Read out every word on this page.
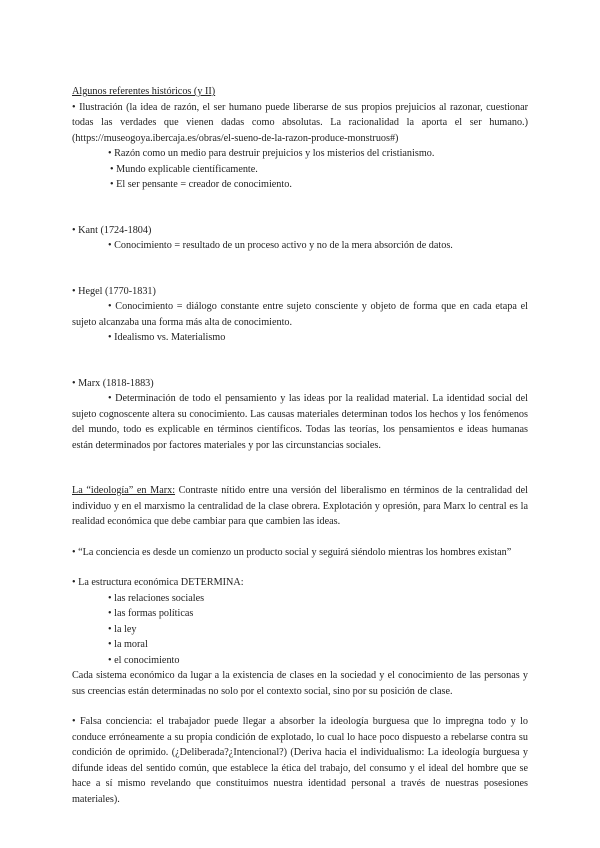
Algunos referentes históricos (y II)

• Ilustración (la idea de razón, el ser humano puede liberarse de sus propios prejuicios al razonar, cuestionar todas las verdades que vienen dadas como absolutas. La racionalidad la aporta el ser humano.) (https://museogoya.ibercaja.es/obras/el-sueno-de-la-razon-produce-monstruos#)

• Razón como un medio para destruir prejuicios y los misterios del cristianismo.

• Mundo explicable científicamente.

• El ser pensante = creador de conocimiento.

• Kant (1724-1804)

• Conocimiento = resultado de un proceso activo y no de la mera absorción de datos.

• Hegel (1770-1831)

• Conocimiento = diálogo constante entre sujeto consciente y objeto de forma que en cada etapa el sujeto alcanzaba una forma más alta de conocimiento.

• Idealismo vs. Materialismo

• Marx (1818-1883)

• Determinación de todo el pensamiento y las ideas por la realidad material. La identidad social del sujeto cognoscente altera su conocimiento. Las causas materiales determinan todos los hechos y los fenómenos del mundo, todo es explicable en términos científicos. Todas las teorías, los pensamientos e ideas humanas están determinados por factores materiales y por las circunstancias sociales.

La “ideología” en Marx: Contraste nítido entre una versión del liberalismo en términos de la centralidad del individuo y en el marxismo la centralidad de la clase obrera. Explotación y opresión, para Marx lo central es la realidad económica que debe cambiar para que cambien las ideas.

• “La conciencia es desde un comienzo un producto social y seguirá siéndolo mientras los hombres existan”

• La estructura económica DETERMINA:

• las relaciones sociales

• las formas políticas

• la ley

• la moral

• el conocimiento

Cada sistema económico da lugar a la existencia de clases en la sociedad y el conocimiento de las personas y sus creencias están determinadas no solo por el contexto social, sino por su posición de clase.

• Falsa conciencia: el trabajador puede llegar a absorber la ideología burguesa que lo impregna todo y lo conduce erróneamente a su propia condición de explotado, lo cual lo hace poco dispuesto a rebelarse contra su condición de oprimido. (¿Deliberada?¿Intencional?) (Deriva hacia el individualismo: La ideología burguesa y difunde ideas del sentido común, que establece la ética del trabajo, del consumo y el ideal del hombre que se hace a sí mismo revelando que constituimos nuestra identidad personal a través de nuestras posesiones materiales).
